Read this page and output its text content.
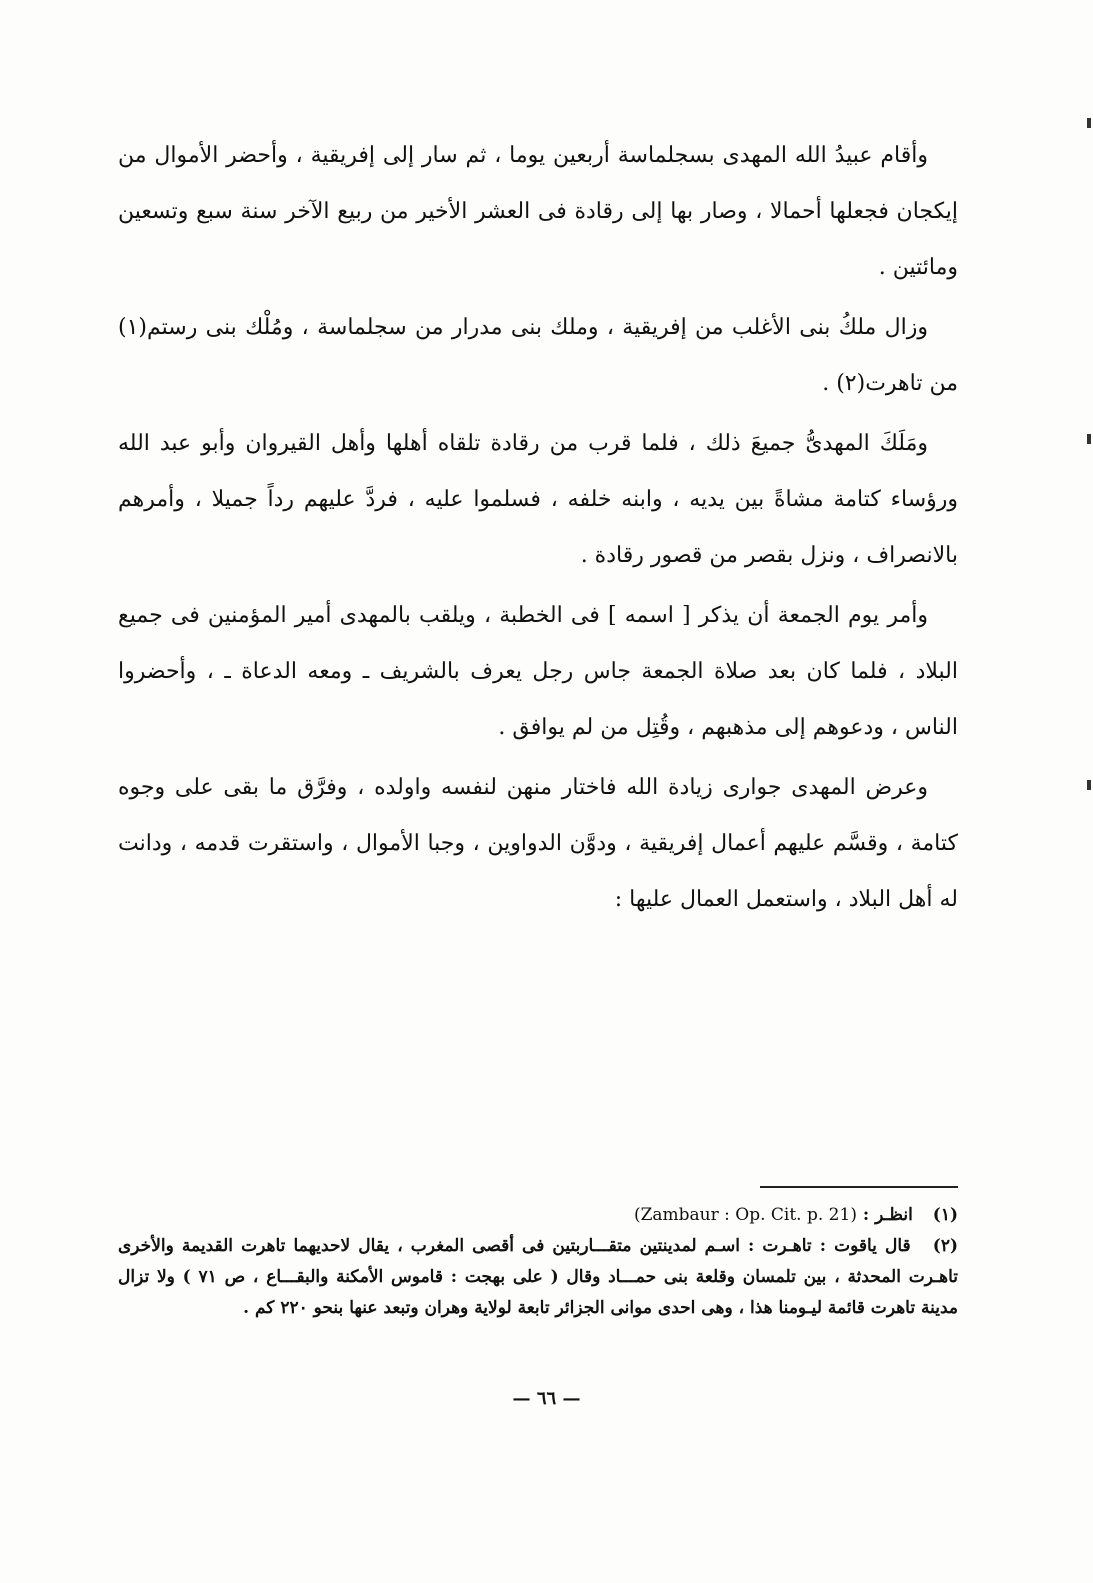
وأقام عبيدُ الله المهدى بسجلماسة أربعين يوما ، ثم سار إلى إفريقية ، وأحضر الأموال من إيكجان فجعلها أحمالا ، وصار بها إلى رقادة فى العشر الأخير من ربيع الآخر سنة سبع وتسعين ومائتين .

وزال ملكُ بنى الأغلب من إفريقية ، وملك بنى مدرار من سجلماسة ، ومُلْك بنى رستم(١) من تاهرت(٢) .

ومَلَكَ المهدىُّ جميعَ ذلك ، فلما قرب من رقادة تلقاه أهلها وأهل القيروان وأبو عبد الله ورؤساء كتامة مشاةً بين يديه ، وابنه خلفه ، فسلموا عليه ، فردَّ عليهم رداً جميلا ، وأمرهم بالانصراف ، ونزل بقصر من قصور رقادة .

وأمر يوم الجمعة أن يذكر [ اسمه ] فى الخطبة ، ويلقب بالمهدى أمير المؤمنين فى جميع البلاد ، فلما كان بعد صلاة الجمعة جاس رجل يعرف بالشريف ـ ومعه الدعاة ـ ، وأحضروا الناس ، ودعوهم إلى مذهبهم ، وقُتِل من لم يوافق .

وعرض المهدى جوارى زيادة الله فاختار منهن لنفسه واولده ، وفرَّق ما بقى على وجوه كتامة ، وقسَّم عليهم أعمال إفريقية ، ودوَّن الدواوين ، وجبا الأموال ، واستقرت قدمه ، ودانت له أهل البلاد ، واستعمل العمال عليها :

(١) انظـر : (Zambaur : Op. Cit. p. 21)

(٢) قال ياقوت : تاهـرت : اسـم لمدينتين متقـــاربتين فى أقصى المغرب ، يقال لاحديهما تاهرت القديمة والأخرى تاهـرت المحدثة ، بين تلمسان وقلعة بنى حمـــاد وقال ( على بهجت : قاموس الأمكنة والبقـــاع ، ص ٧١ ) ولا تزال مدينة تاهرت قائمة ليـومنا هذا ، وهى احدى موانى الجزائر تابعة لولاية وهران وتبعد عنها بنحو ٢٢٠ كم .

— ٦٦ —
